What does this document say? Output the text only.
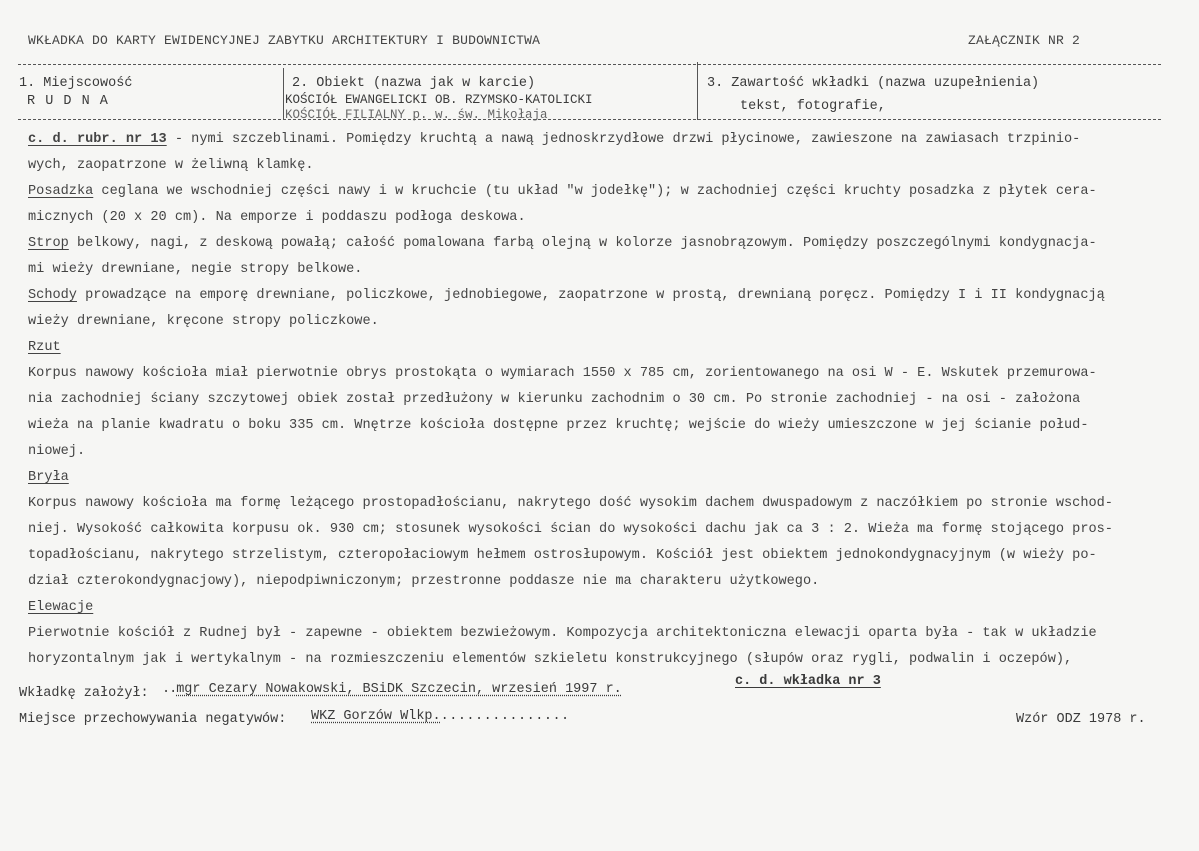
WKŁADKA DO KARTY EWIDENCYJNEJ ZABYTKU ARCHITEKTURY I BUDOWNICTWA	ZAŁĄCZNIK NR 2
1. Miejscowość
R U D N A
2. Obiekt (nazwa jak w karcie)
KOŚCIÓŁ EWANGELICKI OB. RZYMSKO-KATOLICKI
KOŚCIÓŁ FILIALNY p. w. św. Mikołaja
3. Zawartość wkładki (nazwa uzupełnienia)
tekst, fotografie,
c. d. rubr. nr 13 - nymi szczeblinami. Pomiędzy kruchtą a nawą jednoskrzydłowe drzwi płycinowe, zawieszone na zawiasach trzpinio-
wych, zaopatrzone w żeliwną klamkę.
Posadzka ceglana we wschodniej części nawy i w kruchcie (tu układ "w jodełkę"); w zachodniej części kruchty posadzka z płytek cera-
micznych (20 x 20 cm). Na emporze i poddaszu podłoga deskowa.
Strop belkowy, nagi, z deskową powałą; całość pomalowana farbą olejną w kolorze jasnobrązowym. Pomiędzy poszczególnymi kondygnacja-
mi wieży drewniane, negie stropy belkowe.
Schody prowadzące na emporę drewniane, policzkowe, jednobiegowe, zaopatrzone w prostą, drewnianą poręcz. Pomiędzy I i II kondygnacją
wieży drewniane, kręcone stropy policzkowe.
Rzut
Korpus nawowy kościoła miał pierwotnie obrys prostokąta o wymiarach 1550 x 785 cm, zorientowanego na osi W - E. Wskutek przemurowa-
nia zachodniej ściany szczytowej obiek został przedłużony w kierunku zachodnim o 30 cm. Po stronie zachodniej - na osi - założona
wieża na planie kwadratu o boku 335 cm. Wnętrze kościoła dostępne przez kruchtę; wejście do wieży umieszczone w jej ścianie połud-
niowej.
Bryła
Korpus nawowy kościoła ma formę leżącego prostopadłościanu, nakrytego dość wysokim dachem dwuspadowym z naczółkiem po stronie wschod-
niej. Wysokość całkowita korpusu ok. 930 cm; stosunek wysokości ścian do wysokości dachu jak ca 3 : 2. Wieża ma formę stojącego pros-
topadłościanu, nakrytego strzelistym, czteropołaciowym hełmem ostrosłupowym. Kościół jest obiektem jednokondygnacyjnym (w wieży po-
dział czterokondygnacjowy), niepodpiwniczonym; przestronne poddasze nie ma charakteru użytkowego.
Elewacje
Pierwotnie kościół z Rudnej był - zapewne - obiektem bezwieżowym. Kompozycja architektoniczna elewacji oparta była - tak w układzie
horyzontalnym jak i wertykalnym - na rozmieszczeniu elementów szkieletu konstrukcyjnego (słupów oraz rygli, podwalin i oczepów),
c. d. wkładka nr 3
Wkładkę założył: ..mgr Cezary Nowakowski, BSiDK Szczecin, wrzesień 1997 r.
Miejsce przechowywania negatywów: WKZ Gorzów Wlkp................	Wzór ODZ 1978 r.
